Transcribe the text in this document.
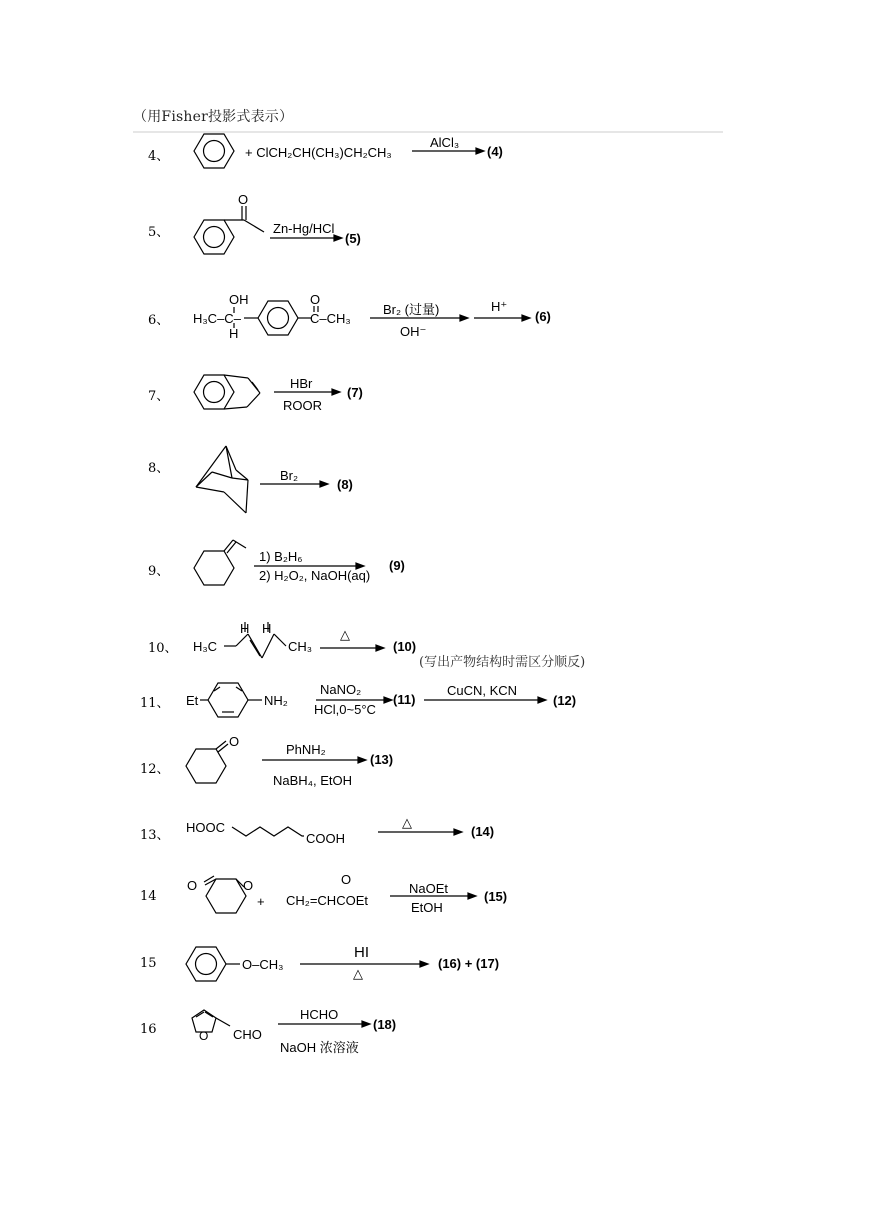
（用Fisher投影式表示）
4、	+ ClCH₂CH(CH₃)CH₂CH₃
AlCl₃
(4)
5、
O
Zn-Hg/HCl
(5)
6、
OH
H₃C–C–
H
O
C–CH₃
Br₂ (过量)
OH⁻
H⁺
(6)
7、
HBr
ROOR
(7)
8、	Br₂
(8)
9、
1) B₂H₆
2) H₂O₂, NaOH(aq)
(9)
10、
H H
H₃C	CH₃
△
(10)
(写出产物结构时需区分顺反)
11、 Et	NH₂
NaNO₂
HCl,0~5°C
(11)
CuCN, KCN
(12)
12、
O
PhNH₂
NaBH₄, EtOH
(13)
13、
HOOC
COOH
△
(14)
14
O	O
+
O
CH₂=CHCOEt
NaOEt
EtOH
(15)
15	O–CH₃
HI
△
(16) + (17)
16	O CHO
HCHO
NaOH 浓溶液
(18)
